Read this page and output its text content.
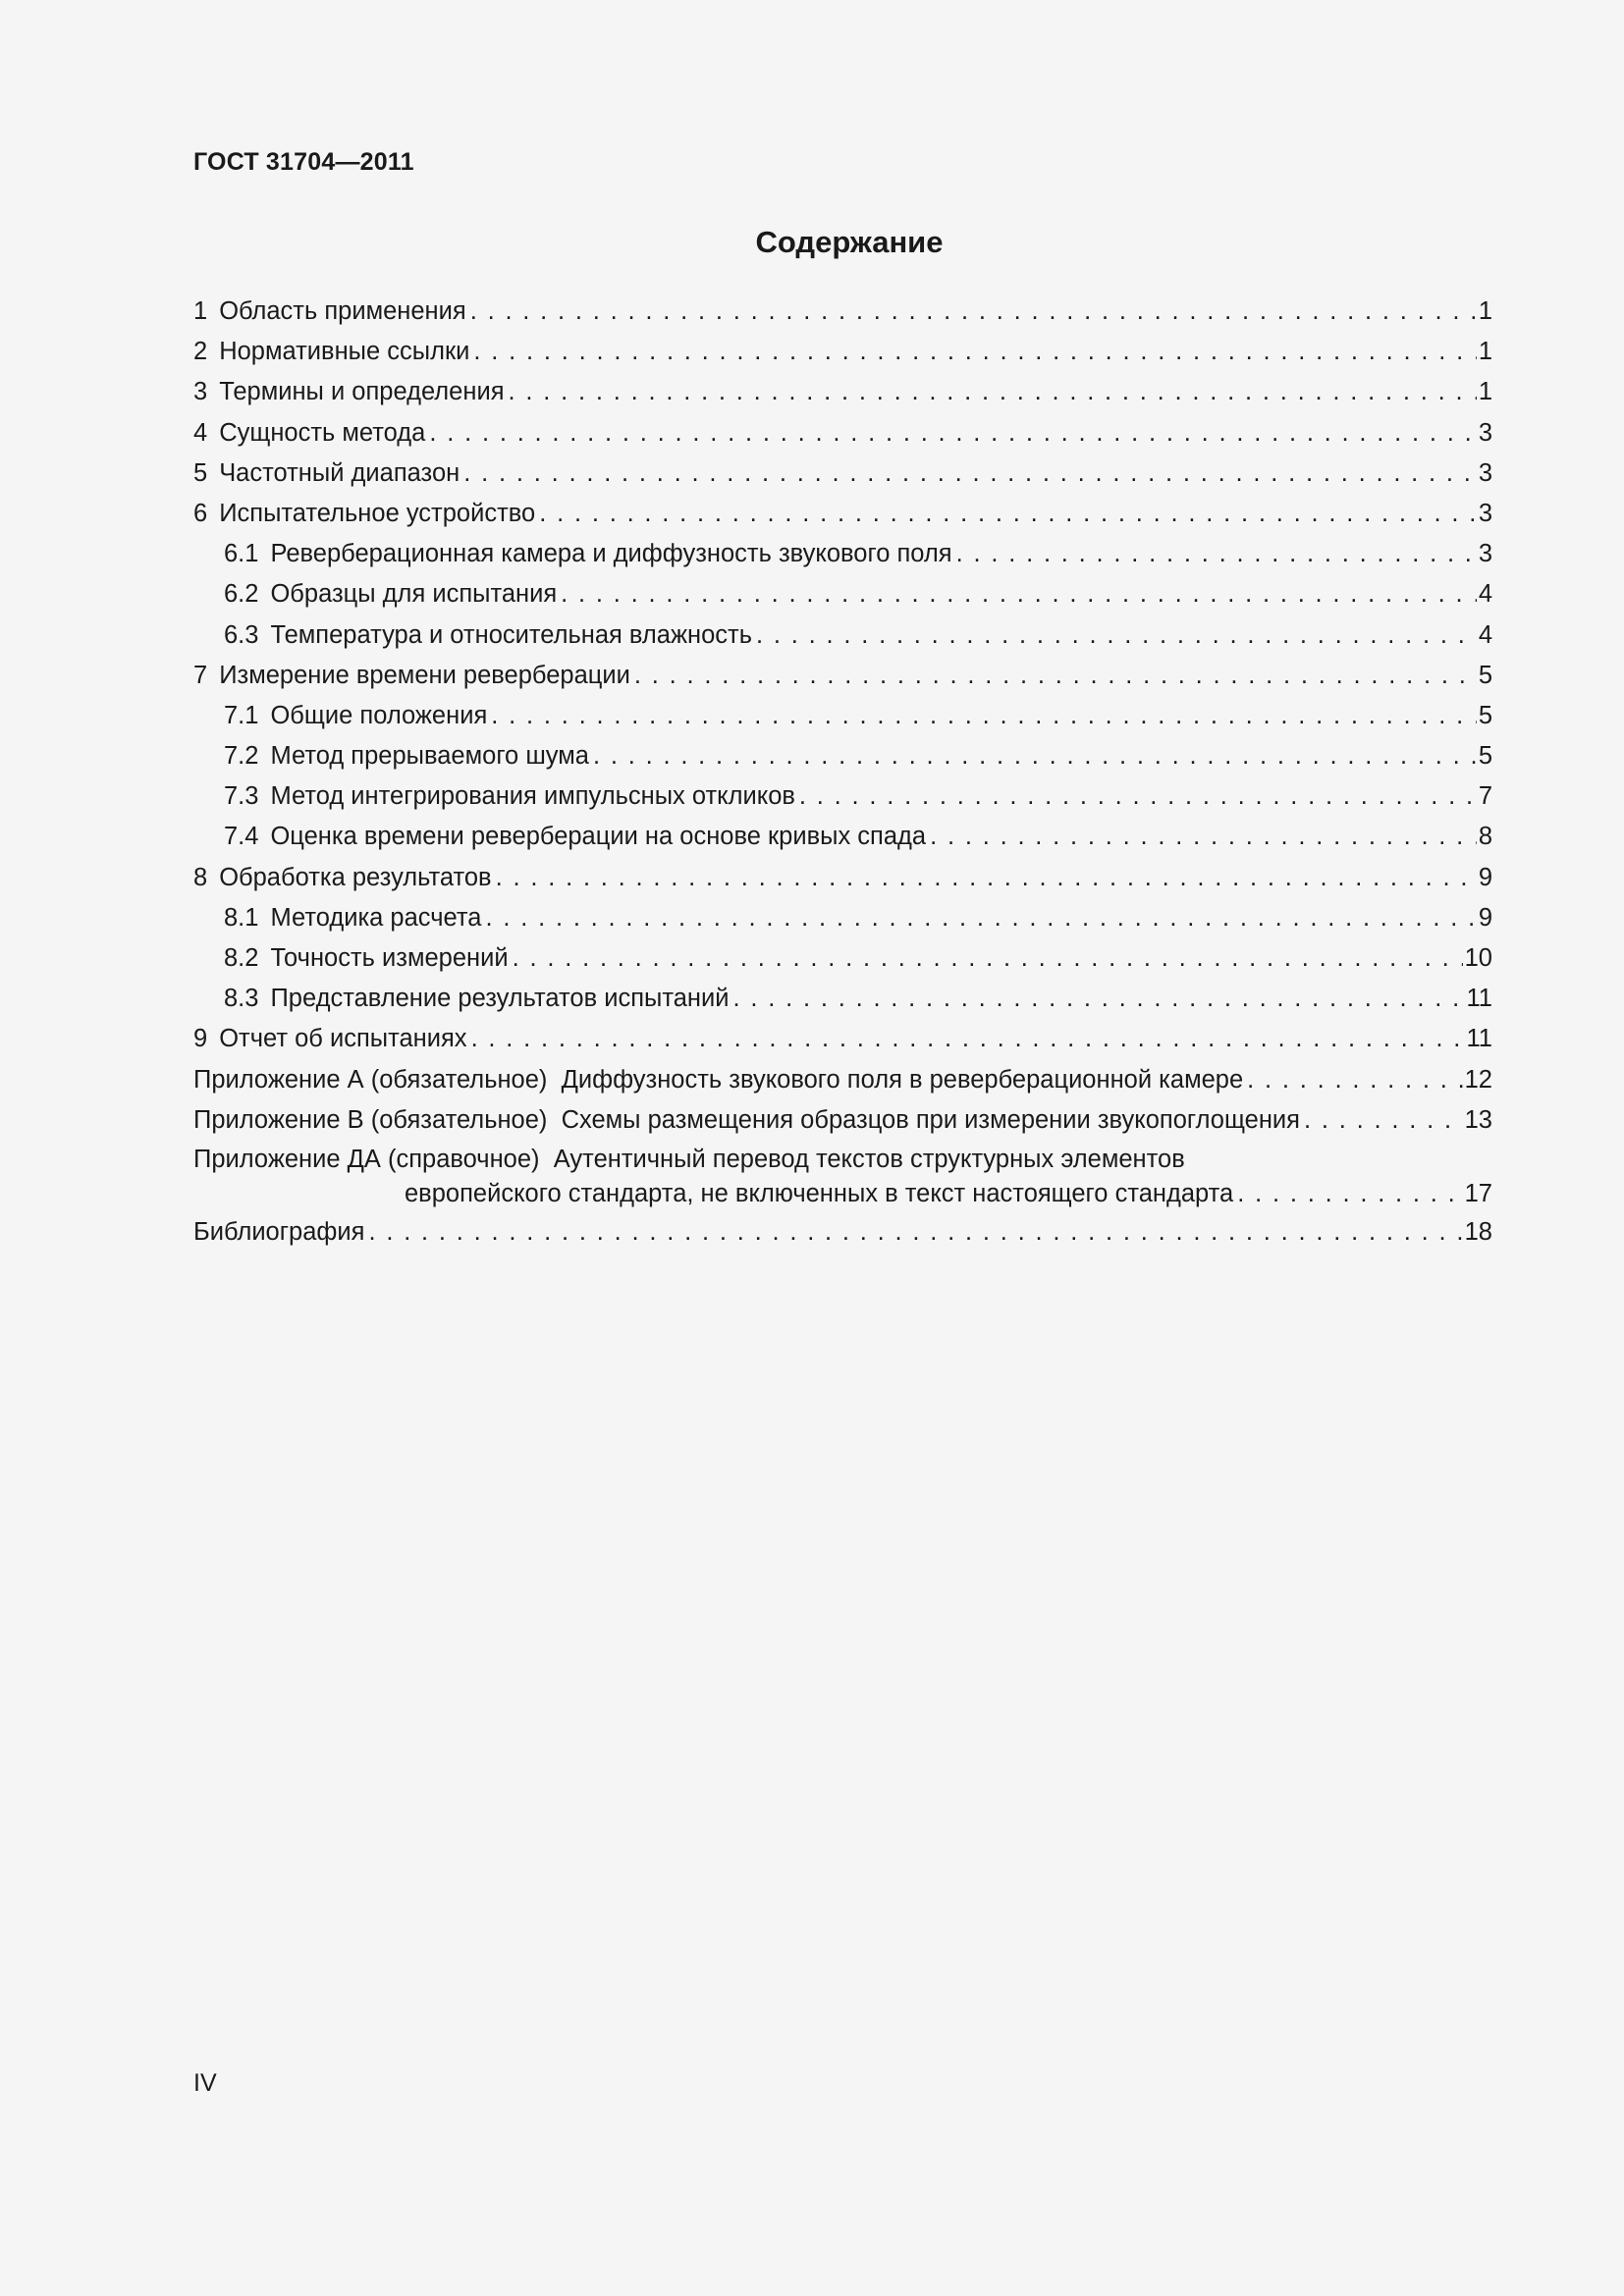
ГОСТ 31704—2011
Содержание
1 Область применения . . .	1
2 Нормативные ссылки . . .	1
3 Термины и определения . . .	1
4 Сущность метода . . .	3
5 Частотный диапазон . . .	3
6 Испытательное устройство . . .	3
6.1 Реверберационная камера и диффузность звукового поля . . .	3
6.2 Образцы для испытания . . .	4
6.3 Температура и относительная влажность . . .	4
7 Измерение времени реверберации . . .	5
7.1 Общие положения . . .	5
7.2 Метод прерываемого шума . . .	5
7.3 Метод интегрирования импульсных откликов . . .	7
7.4 Оценка времени реверберации на основе кривых спада . . .	8
8 Обработка результатов . . .	9
8.1 Методика расчета . . .	9
8.2 Точность измерений . . .	10
8.3 Представление результатов испытаний . . .	11
9 Отчет об испытаниях . . .	11
Приложение А (обязательное)  Диффузность звукового поля в реверберационной камере . . .	12
Приложение В (обязательное)  Схемы размещения образцов при измерении звукопоглощения . . .	13
Приложение ДА (справочное)  Аутентичный перевод текстов структурных элементов
европейского стандарта, не включенных в текст настоящего стандарта . . .	17
Библиография . . .	18
IV
